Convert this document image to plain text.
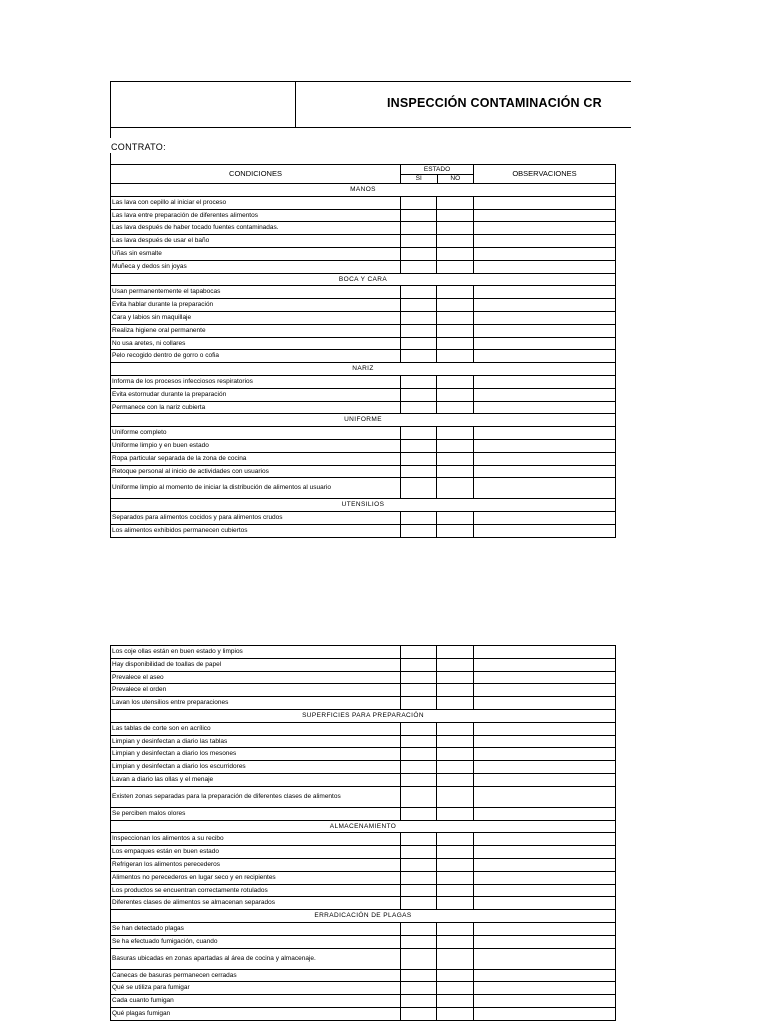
INSPECCIÓN CONTAMINACIÓN CR
CONTRATO:
CONDICIONES	ESTADO
SI NO		OBSERVACIONES
MANOS			
Las lava con cepillo al iniciar el proceso			
Las lava entre preparación de diferentes alimentos			
Las lava después de haber tocado fuentes contaminadas.			
Las lava después de usar el baño			
Uñas sin esmalte			
Muñeca y dedos sin joyas			
BOCA Y CARA			
Usan permanentemente el tapabocas			
Evita hablar durante la preparación			
Cara y labios sin maquillaje			
Realiza higiene oral permanente			
No usa aretes, ni collares			
Pelo recogido dentro de gorro o cofia			
NARIZ			
Informa de los procesos infecciosos respiratorios			
Evita estornudar durante la preparación			
Permanece con la nariz cubierta			
UNIFORME			
Uniforme completo			
Uniforme limpio y en buen estado			
Ropa particular separada de la zona de cocina			
Retoque personal al inicio de actividades con usuarios			
Uniforme limpio al momento de iniciar la distribución de alimentos al usuario			
UTENSILIOS			
Separados para alimentos cocidos y para alimentos crudos			
Los alimentos exhibidos permanecen cubiertos			
Los coje ollas están en buen estado y limpios			
Hay disponibilidad de toallas de papel			
Prevalece el aseo			
Prevalece el orden			
Lavan los utensilios entre preparaciones			
SUPERFICIES PARA PREPARACIÓN			
Las tablas de corte son en acrílico			
Limpian y desinfectan a diario las tablas			
Limpian y desinfectan a diario los mesones			
Limpian y desinfectan a diario los escurridores			
Lavan a diario las ollas y el menaje			
Existen zonas separadas para la preparación de diferentes clases de alimentos			
Se perciben malos olores			
ALMACENAMIENTO			
Inspeccionan los alimentos a su recibo			
Los empaques están en buen estado			
Refrigeran los alimentos perecederos			
Alimentos no perecederos en lugar seco y en recipientes			
Los productos se encuentran correctamente rotulados			
Diferentes clases de alimentos se almacenan separados			
ERRADICACIÓN DE PLAGAS			
Se han detectado plagas			
Se ha efectuado fumigación, cuando			
Basuras ubicadas en zonas apartadas al área de cocina y almacenaje.			
Canecas de basuras permanecen cerradas			
Qué se utiliza para fumigar			
Cada cuanto fumigan			
Qué plagas fumigan			
